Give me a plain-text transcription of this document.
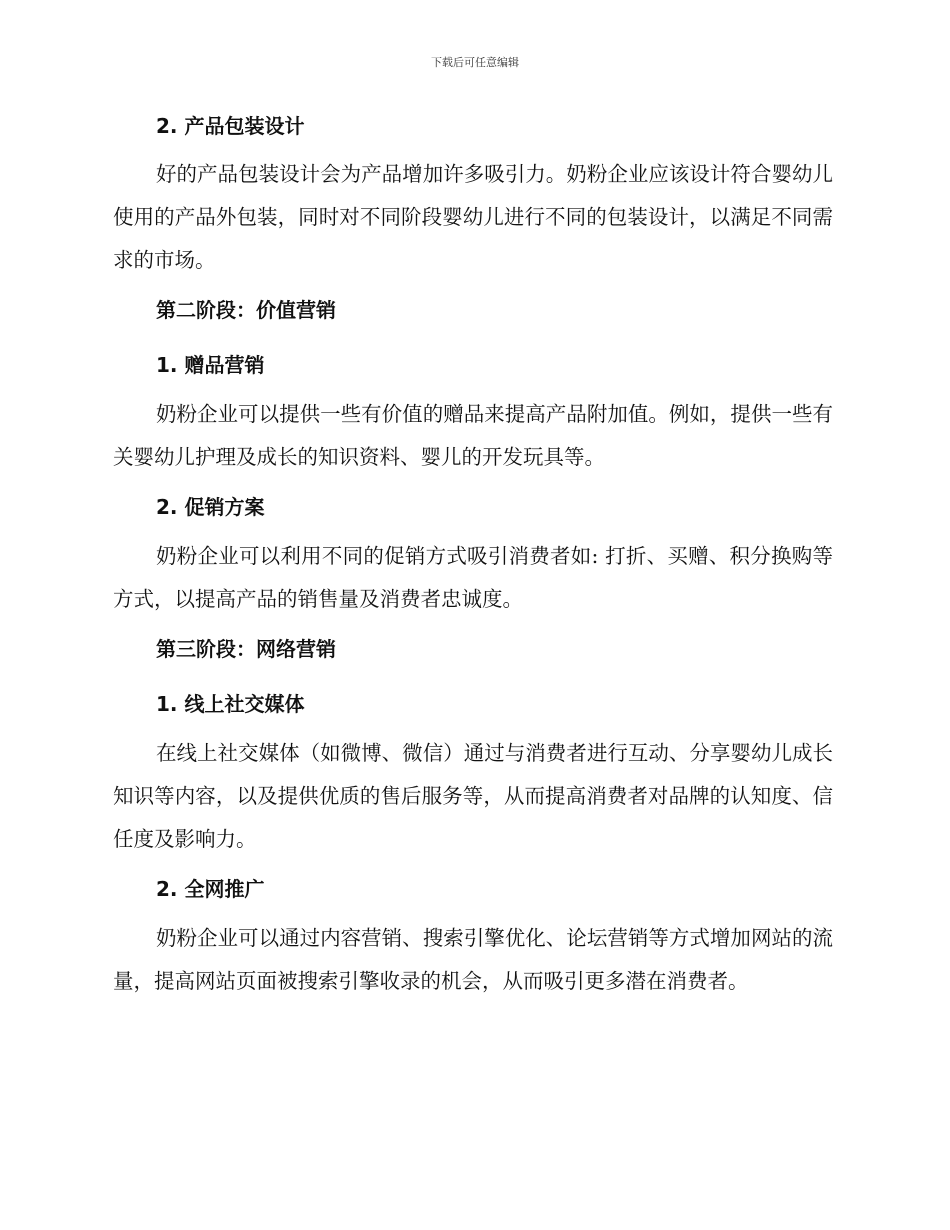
下载后可任意编辑

2. 产品包装设计

好的产品包装设计会为产品增加许多吸引力。奶粉企业应该设计符合婴幼儿使用的产品外包装，同时对不同阶段婴幼儿进行不同的包装设计，以满足不同需求的市场。

第二阶段：价值营销

1. 赠品营销

奶粉企业可以提供一些有价值的赠品来提高产品附加值。例如，提供一些有关婴幼儿护理及成长的知识资料、婴儿的开发玩具等。

2. 促销方案

奶粉企业可以利用不同的促销方式吸引消费者如: 打折、买赠、积分换购等方式，以提高产品的销售量及消费者忠诚度。

第三阶段：网络营销

1. 线上社交媒体

在线上社交媒体（如微博、微信）通过与消费者进行互动、分享婴幼儿成长知识等内容，以及提供优质的售后服务等，从而提高消费者对品牌的认知度、信任度及影响力。

2. 全网推广

奶粉企业可以通过内容营销、搜索引擎优化、论坛营销等方式增加网站的流量，提高网站页面被搜索引擎收录的机会，从而吸引更多潜在消费者。
